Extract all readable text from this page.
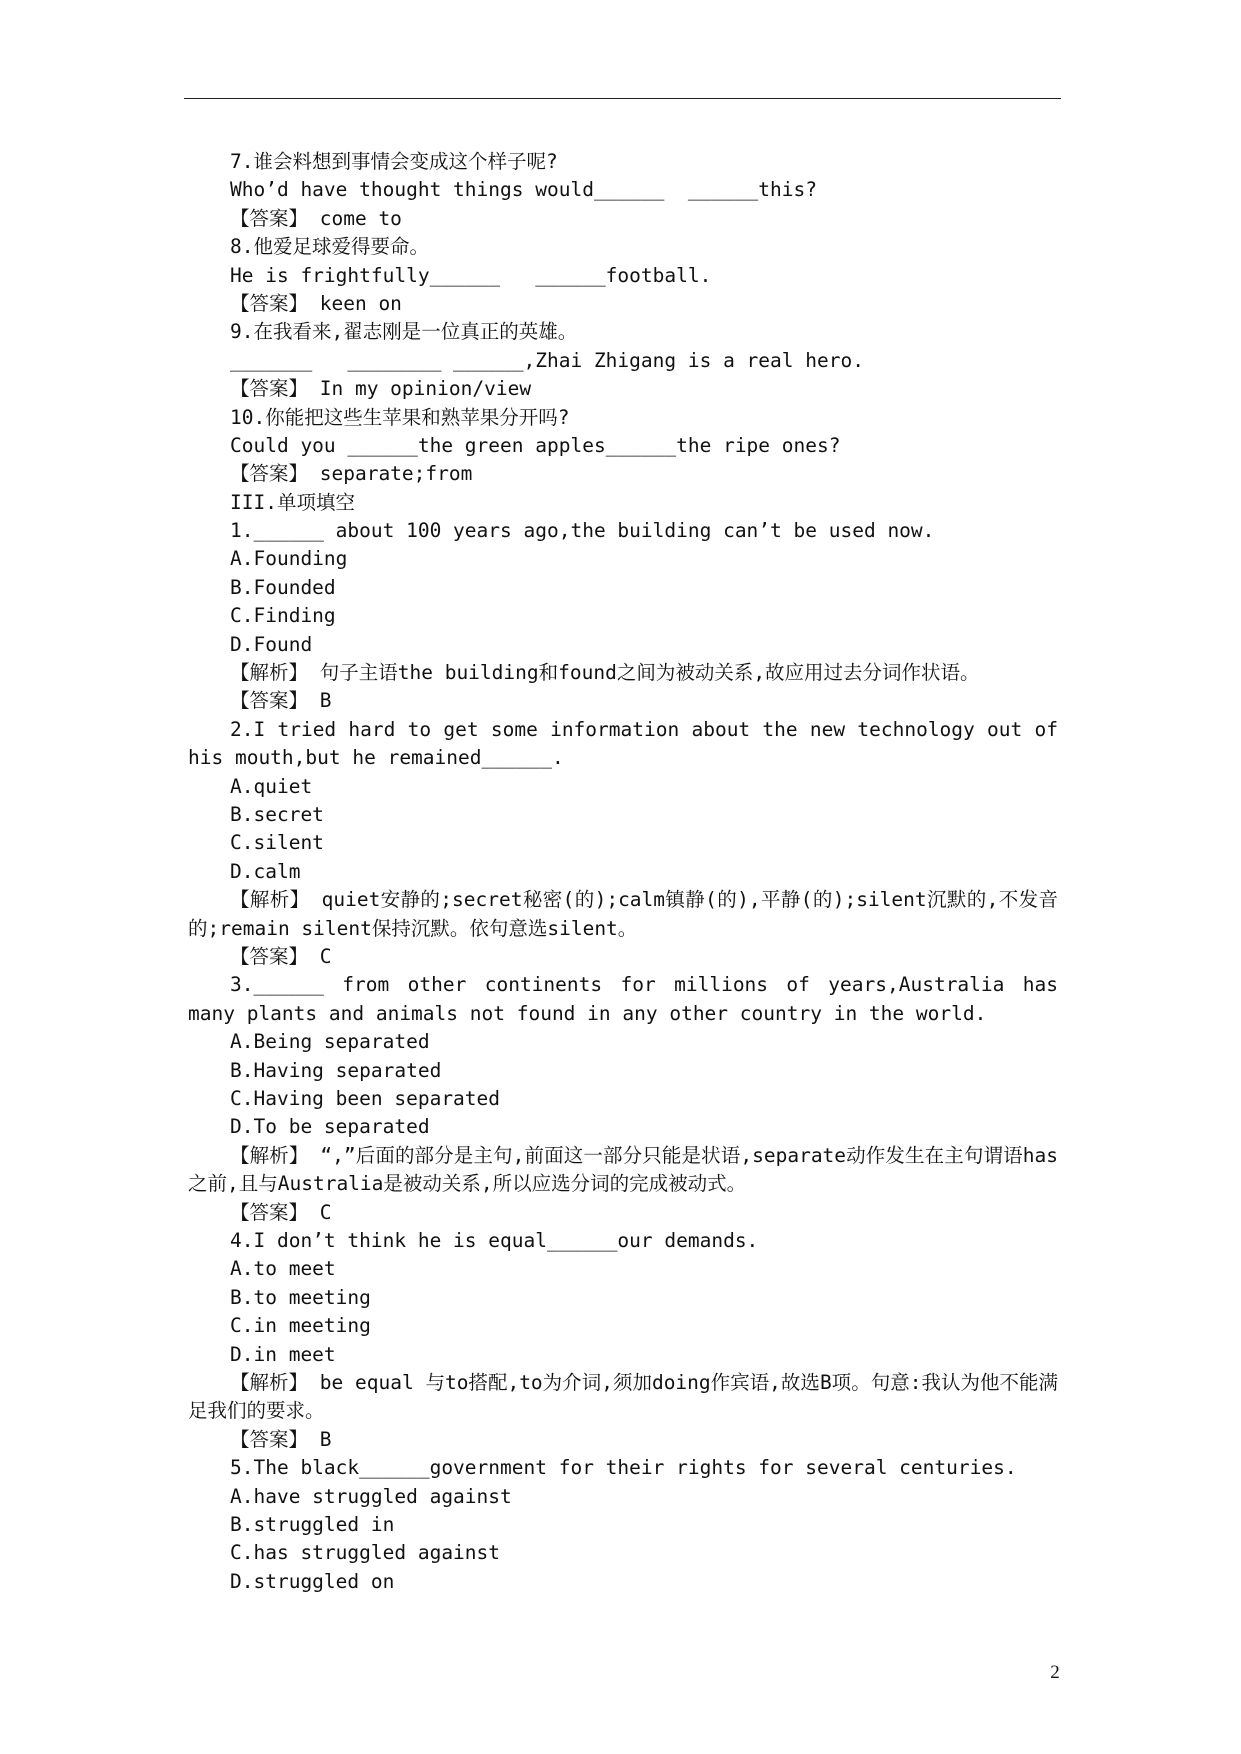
7.谁会料想到事情会变成这个样子呢?
Who’d have thought things would______  ______this?
【答案】 come to
8.他爱足球爱得要命。
He is frightfully______   ______football.
【答案】 keen on
9.在我看来,翟志刚是一位真正的英雄。
_______   ________ ______,Zhai Zhigang is a real hero.
【答案】 In my opinion/view
10.你能把这些生苹果和熟苹果分开吗?
Could you ______the green apples______the ripe ones?
【答案】 separate;from
III.单项填空
1.______ about 100 years ago,the building can’t be used now.
A.Founding
B.Founded
C.Finding
D.Found
【解析】 句子主语the building和found之间为被动关系,故应用过去分词作状语。
【答案】 B
2.I tried hard to get some information about the new technology out of his mouth,but he remained______.
A.quiet
B.secret
C.silent
D.calm
【解析】 quiet安静的;secret秘密(的);calm镇静(的),平静(的);silent沉默的,不发音的;remain silent保持沉默。依句意选silent。
【答案】 C
3.______ from other continents for millions of years,Australia has many plants and animals not found in any other country in the world.
A.Being separated
B.Having separated
C.Having been separated
D.To be separated
【解析】 “,”后面的部分是主句,前面这一部分只能是状语,separate动作发生在主句谓语has 之前,且与Australia是被动关系,所以应选分词的完成被动式。
【答案】 C
4.I don’t think he is equal______our demands.
A.to meet
B.to meeting
C.in meeting
D.in meet
【解析】 be equal 与to搭配,to为介词,须加doing作宾语,故选B项。句意:我认为他不能满足我们的要求。
【答案】 B
5.The black______government for their rights for several centuries.
A.have struggled against
B.struggled in
C.has struggled against
D.struggled on
2
